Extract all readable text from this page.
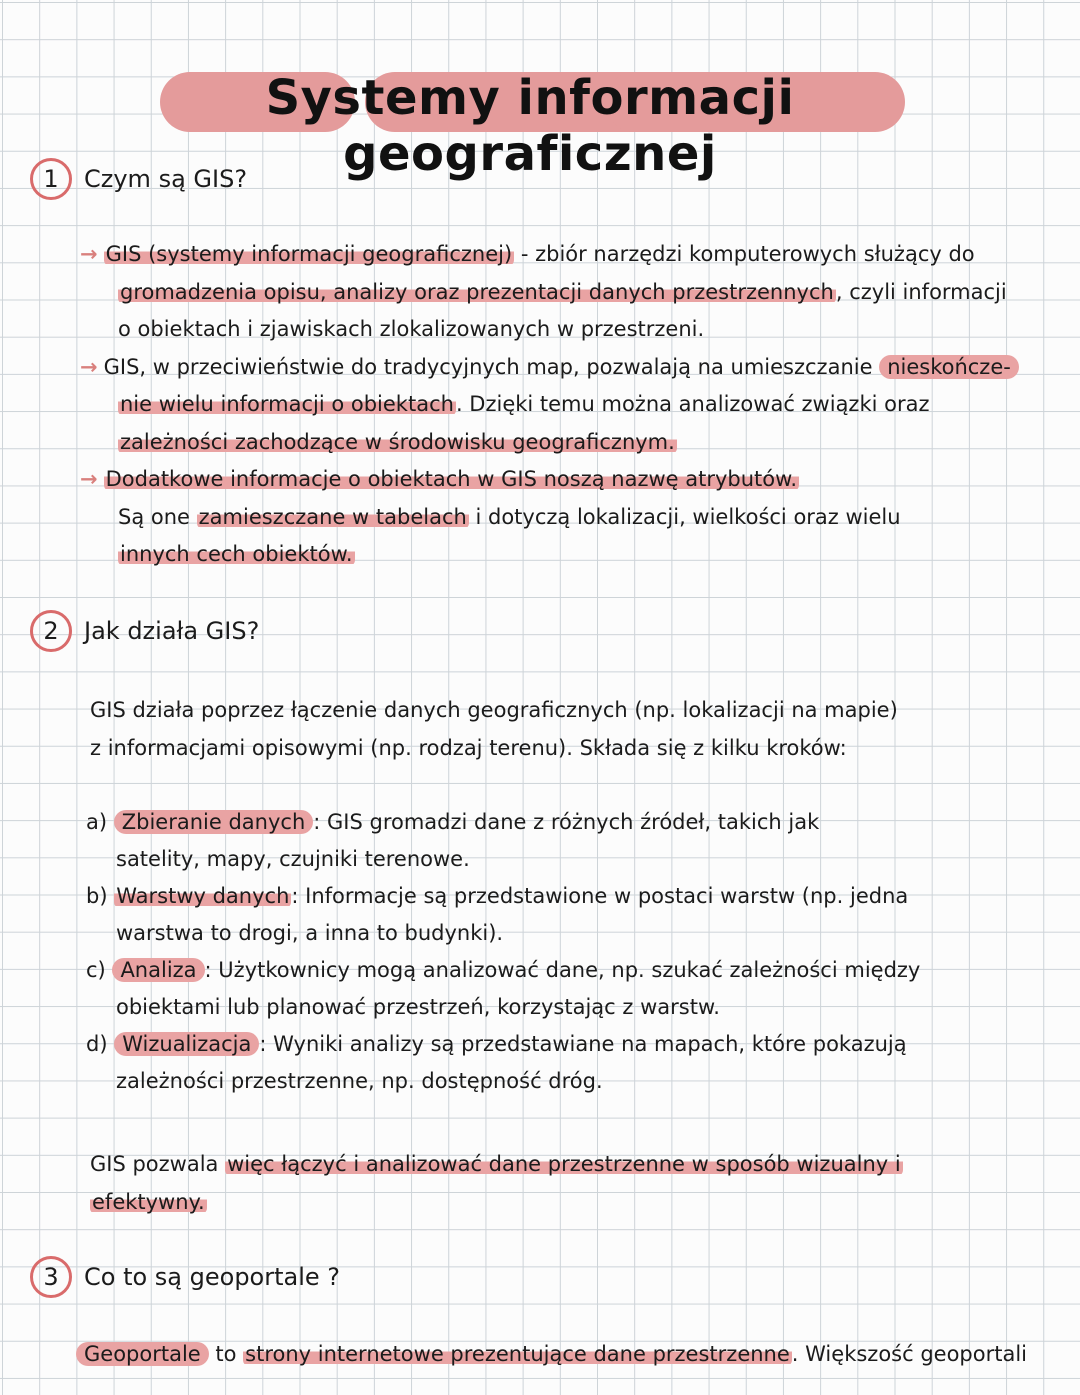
Systemy informacji geograficznej
1 Czym są GIS?
→ GIS (systemy informacji geograficznej) - zbiór narzędzi komputerowych służący do
gromadzenia opisu, analizy oraz prezentacji danych przestrzennych, czyli informacji
o obiektach i zjawiskach zlokalizowanych w przestrzeni.
→ GIS, w przeciwieństwie do tradycyjnych map, pozwalają na umieszczanie nieskończe-
nie wielu informacji o obiektach. Dzięki temu można analizować związki oraz
zależności zachodzące w środowisku geograficznym.
→ Dodatkowe informacje o obiektach w GIS noszą nazwę atrybutów.
Są one zamieszczane w tabelach i dotyczą lokalizacji, wielkości oraz wielu
innych cech obiektów.
2 Jak działa GIS?
GIS działa poprzez łączenie danych geograficznych (np. lokalizacji na mapie)
z informacjami opisowymi (np. rodzaj terenu). Składa się z kilku kroków:
a) Zbieranie danych : GIS gromadzi dane z różnych źródeł, takich jak
satelity, mapy, czujniki terenowe.
b) Warstwy danych: Informacje są przedstawione w postaci warstw (np. jedna
warstwa to drogi, a inna to budynki).
c) Analiza : Użytkownicy mogą analizować dane, np. szukać zależności między
obiektami lub planować przestrzeń, korzystając z warstw.
d) Wizualizacja : Wyniki analizy są przedstawiane na mapach, które pokazują
zależności przestrzenne, np. dostępność dróg.
GIS pozwala więc łączyć i analizować dane przestrzenne w sposób wizualny i
efektywny.
3 Co to są geoportale ?
Geoportale to strony internetowe prezentujące dane przestrzenne. Większość geoportali
